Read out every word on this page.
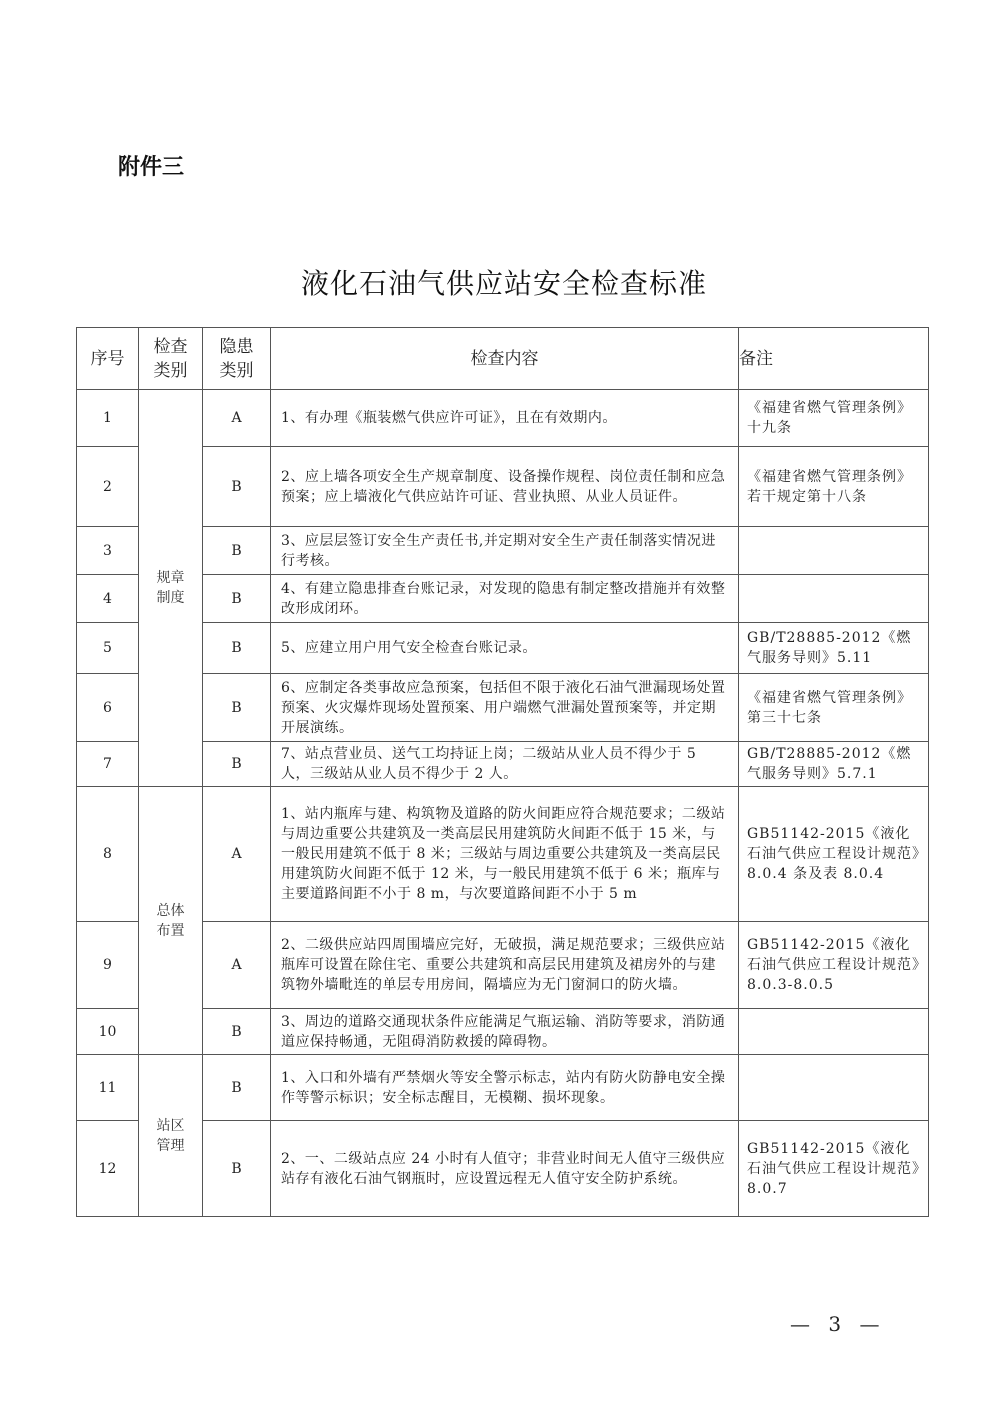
附件三
液化石油气供应站安全检查标准
序号	检查类别	隐患类别	检查内容	备注
1	规章制度	A	1、有办理《瓶装燃气供应许可证》，且在有效期内。	《福建省燃气管理条例》十九条
2		B	2、应上墙各项安全生产规章制度、设备操作规程、岗位责任制和应急预案；应上墙液化气供应站许可证、营业执照、从业人员证件。	《福建省燃气管理条例》若干规定第十八条
3		B	3、应层层签订安全生产责任书,并定期对安全生产责任制落实情况进行考核。	
4		B	4、有建立隐患排查台账记录，对发现的隐患有制定整改措施并有效整改形成闭环。	
5		B	5、应建立用户用气安全检查台账记录。	GB/T28885-2012《燃气服务导则》5.11
6		B	6、应制定各类事故应急预案，包括但不限于液化石油气泄漏现场处置预案、火灾爆炸现场处置预案、用户端燃气泄漏处置预案等，并定期开展演练。	《福建省燃气管理条例》第三十七条
7		B	7、站点营业员、送气工均持证上岗；二级站从业人员不得少于 5 人，三级站从业人员不得少于 2 人。	GB/T28885-2012《燃气服务导则》5.7.1
8	总体布置	A	1、站内瓶库与建、构筑物及道路的防火间距应符合规范要求；二级站与周边重要公共建筑及一类高层民用建筑防火间距不低于 15 米，与一般民用建筑不低于 8 米；三级站与周边重要公共建筑及一类高层民用建筑防火间距不低于 12 米，与一般民用建筑不低于 6 米；瓶库与主要道路间距不小于 8 m，与次要道路间距不小于 5 m	GB51142-2015《液化石油气供应工程设计规范》8.0.4 条及表 8.0.4
9		A	2、二级供应站四周围墙应完好，无破损，满足规范要求；三级供应站瓶库可设置在除住宅、重要公共建筑和高层民用建筑及裙房外的与建筑物外墙毗连的单层专用房间，隔墙应为无门窗洞口的防火墙。	GB51142-2015《液化石油气供应工程设计规范》8.0.3-8.0.5
10		B	3、周边的道路交通现状条件应能满足气瓶运输、消防等要求，消防通道应保持畅通，无阻碍消防救援的障碍物。	
11	站区管理	B	1、入口和外墙有严禁烟火等安全警示标志，站内有防火防静电安全操作等警示标识；安全标志醒目，无模糊、损坏现象。	
12		B	2、一、二级站点应 24 小时有人值守；非营业时间无人值守三级供应站存有液化石油气钢瓶时，应设置远程无人值守安全防护系统。	GB51142-2015《液化石油气供应工程设计规范》8.0.7
— 3 —
